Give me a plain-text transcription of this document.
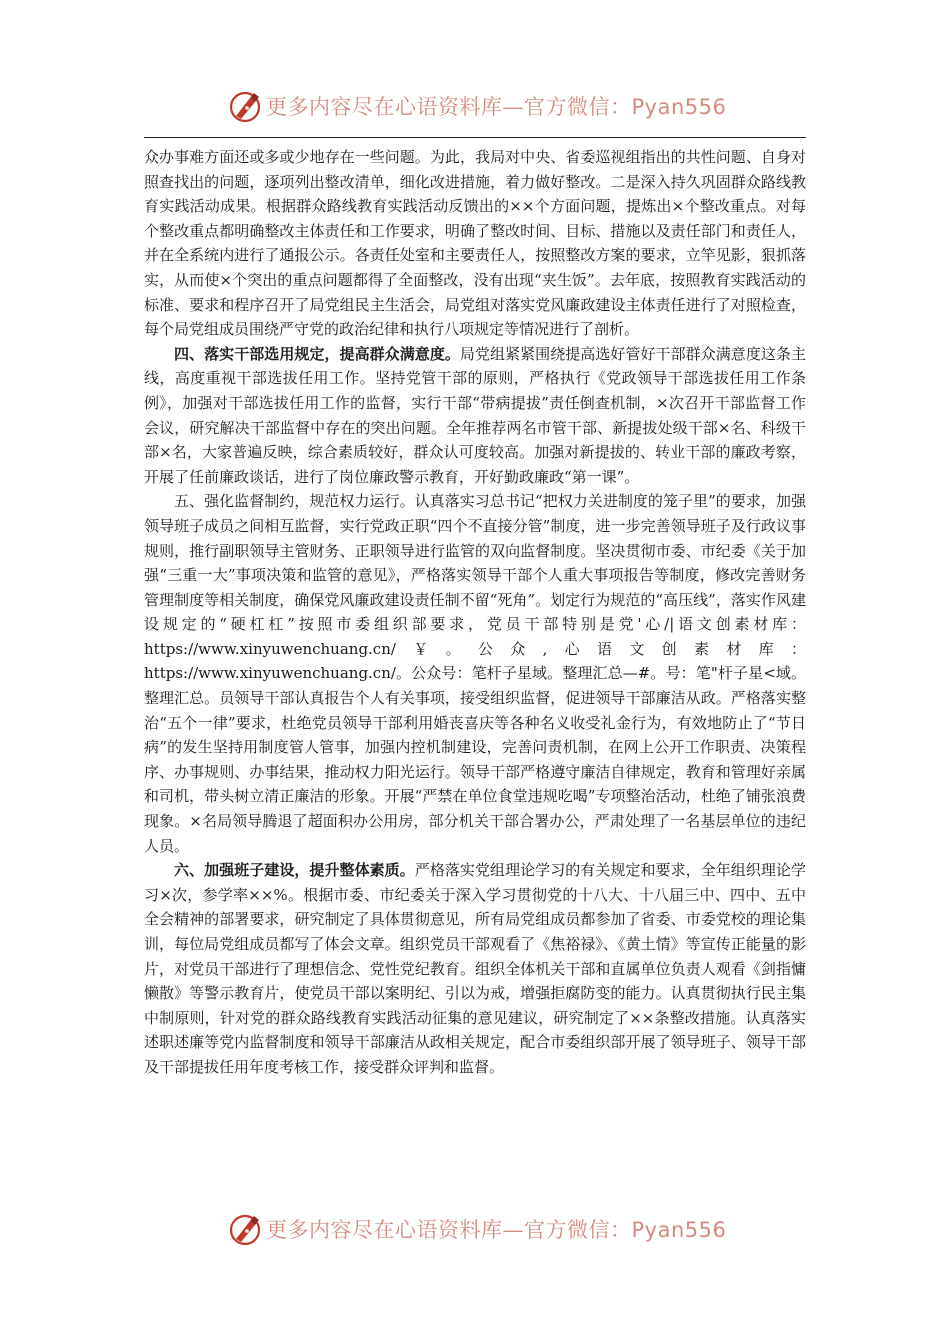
更多内容尽在心语资料库—官方微信：Pyan556

众办事难方面还或多或少地存在一些问题。为此，我局对中央、省委巡视组指出的共性问题、自身对照查找出的问题，逐项列出整改清单，细化改进措施，着力做好整改。二是深入持久巩固群众路线教育实践活动成果。根据群众路线教育实践活动反馈出的××个方面问题，提炼出×个整改重点。对每个整改重点都明确整改主体责任和工作要求，明确了整改时间、目标、措施以及责任部门和责任人，并在全系统内进行了通报公示。各责任处室和主要责任人，按照整改方案的要求，立竿见影，狠抓落实，从而使×个突出的重点问题都得了全面整改，没有出现“夹生饭”。去年底，按照教育实践活动的标准、要求和程序召开了局党组民主生活会，局党组对落实党风廉政建设主体责任进行了对照检查，每个局党组成员围绕严守党的政治纪律和执行八项规定等情况进行了剖析。

四、落实干部选用规定，提高群众满意度。局党组紧紧围绕提高选好管好干部群众满意度这条主线，高度重视干部选拔任用工作。坚持党管干部的原则，严格执行《党政领导干部选拔任用工作条例》，加强对干部选拔任用工作的监督，实行干部“带病提拔”责任倒查机制，×次召开干部监督工作会议，研究解决干部监督中存在的突出问题。全年推荐两名市管干部、新提拔处级干部×名、科级干部×名，大家普遍反映，综合素质较好，群众认可度较高。加强对新提拔的、转业干部的廉政考察，开展了任前廉政谈话，进行了岗位廉政警示教育，开好勤政廉政“第一课”。

五、强化监督制约，规范权力运行。认真落实习总书记“把权力关进制度的笼子里”的要求，加强领导班子成员之间相互监督，实行党政正职“四个不直接分管”制度，进一步完善领导班子及行政议事规则，推行副职领导主管财务、正职领导进行监管的双向监督制度。坚决贯彻市委、市纪委《关于加强“三重一大”事项决策和监管的意见》，严格落实领导干部个人重大事项报告等制度，修改完善财务管理制度等相关制度，确保党风廉政建设责任制不留“死角”。划定行为规范的“高压线”，落实作风建设规定的“硬杠杠”按照市委组织部要求，党员干部特别是党'心/|语文创素材库：https://www.xinyuwenchuang.cn/￥。公众,心语文创素材库：https://www.xinyuwenchuang.cn/。公众号：笔杆子星域。整理汇总—#。号：笔"杆子星<域。整理汇总。员领导干部认真报告个人有关事项，接受组织监督，促进领导干部廉洁从政。严格落实整治“五个一律”要求，杜绝党员领导干部利用婚丧喜庆等各种名义收受礼金行为，有效地防止了“节日病”的发生坚持用制度管人管事，加强内控机制建设，完善问责机制，在网上公开工作职责、决策程序、办事规则、办事结果，推动权力阳光运行。领导干部严格遵守廉洁自律规定，教育和管理好亲属和司机，带头树立清正廉洁的形象。开展“严禁在单位食堂违规吃喝”专项整治活动，杜绝了铺张浪费现象。×名局领导腾退了超面积办公用房，部分机关干部合署办公，严肃处理了一名基层单位的违纪人员。

六、加强班子建设，提升整体素质。严格落实党组理论学习的有关规定和要求，全年组织理论学习×次，参学率××%。根据市委、市纪委关于深入学习贯彻党的十八大、十八届三中、四中、五中全会精神的部署要求，研究制定了具体贯彻意见，所有局党组成员都参加了省委、市委党校的理论集训，每位局党组成员都写了体会文章。组织党员干部观看了《焦裕禄》、《黄土情》等宣传正能量的影片，对党员干部进行了理想信念、党性党纪教育。组织全体机关干部和直属单位负责人观看《剑指慵懒散》等警示教育片，使党员干部以案明纪、引以为戒，增强拒腐防变的能力。认真贯彻执行民主集中制原则，针对党的群众路线教育实践活动征集的意见建议，研究制定了××条整改措施。认真落实述职述廉等党内监督制度和领导干部廉洁从政相关规定，配合市委组织部开展了领导班子、领导干部及干部提拔任用年度考核工作，接受群众评判和监督。

更多内容尽在心语资料库—官方微信：Pyan556
